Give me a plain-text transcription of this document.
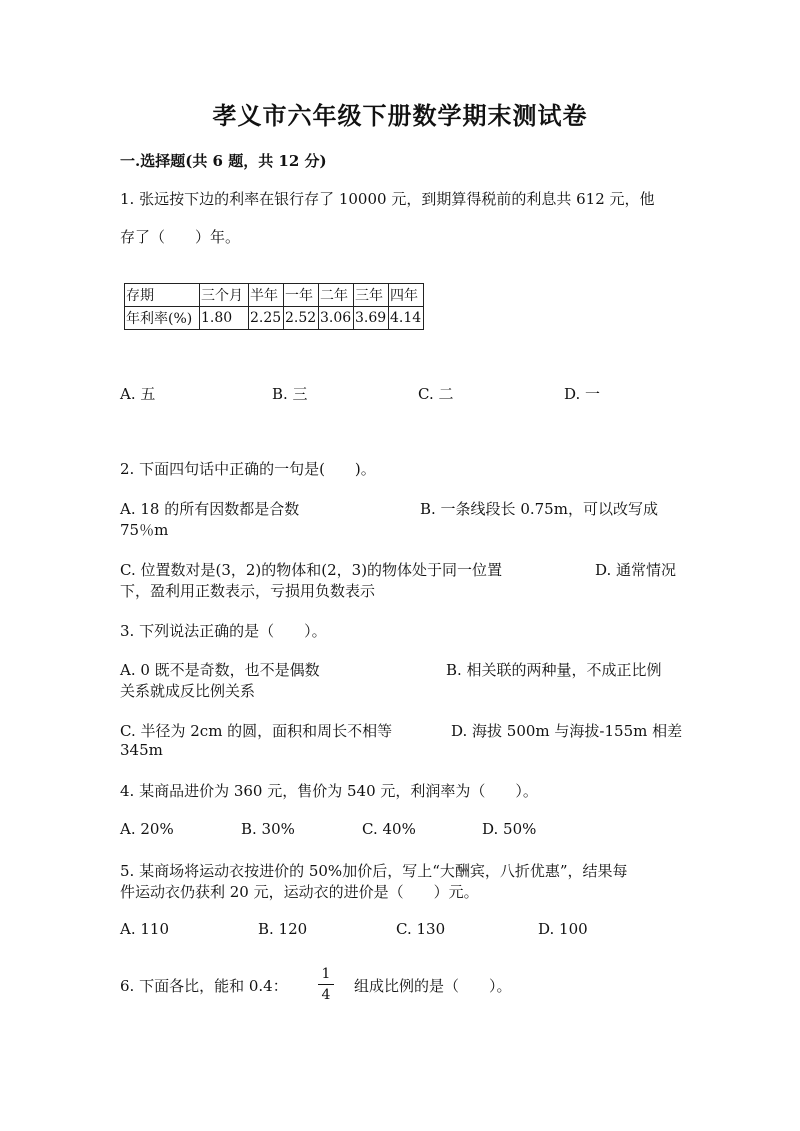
孝义市六年级下册数学期末测试卷
一.选择题(共 6 题，共 12 分)
1. 张远按下边的利率在银行存了 10000 元，到期算得税前的利息共 612 元，他
存了（　　）年。
存期	三个月	半年	一年	二年	三年	四年
年利率(%)	1.80	2.25	2.52	3.06	3.69	4.14
A. 五	B. 三	C. 二	D. 一
2. 下面四句话中正确的一句是(　　)。
A. 18 的所有因数都是合数	B. 一条线段长 0.75m，可以改写成
75％m
C. 位置数对是(3，2)的物体和(2，3)的物体处于同一位置	D. 通常情况
下，盈利用正数表示，亏损用负数表示
3. 下列说法正确的是（　　）。
A. 0 既不是奇数，也不是偶数	B. 相关联的两种量，不成正比例
关系就成反比例关系
C. 半径为 2cm 的圆，面积和周长不相等	D. 海拔 500m 与海拔-155m 相差
345m
4. 某商品进价为 360 元，售价为 540 元，利润率为（　　）。
A. 20%	B. 30%	C. 40%	D. 50%
5. 某商场将运动衣按进价的 50%加价后，写上“大酬宾，八折优惠”，结果每
件运动衣仍获利 20 元，运动衣的进价是（　　）元。
A. 110	B. 120	C. 130	D. 100
6. 下面各比，能和 0.4：
1
4 组成比例的是（　　）。
